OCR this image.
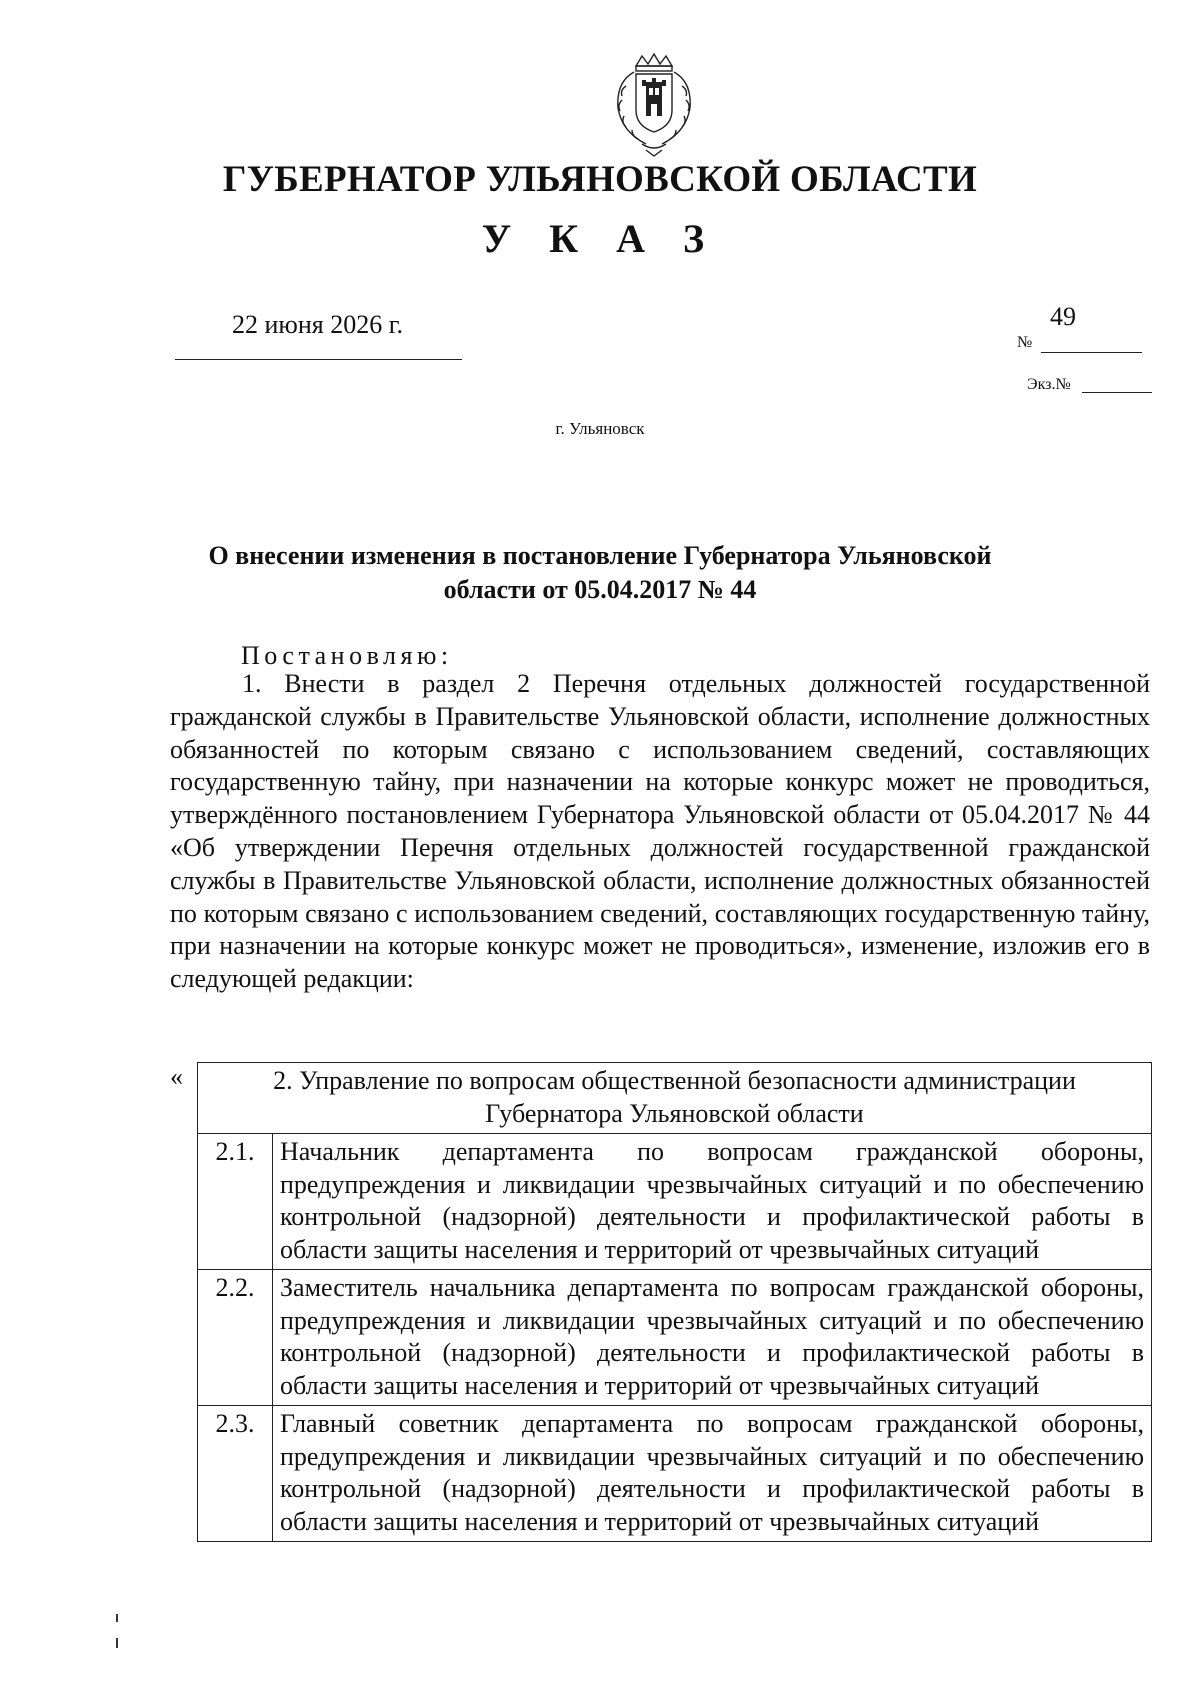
ГУБЕРНАТОР УЛЬЯНОВСКОЙ ОБЛАСТИ
У К А З
22 июня 2026 г.	49
№
Экз.№
г. Ульяновск
О внесении изменения в постановление Губернатора Ульяновской области от 05.04.2017 № 44
Постановляю:

1. Внести в раздел 2 Перечня отдельных должностей государственной гражданской службы в Правительстве Ульяновской области, исполнение должностных обязанностей по которым связано с использованием сведений, составляющих государственную тайну, при назначении на которые конкурс может не проводиться, утверждённого постановлением Губернатора Ульяновской области от 05.04.2017 № 44 «Об утверждении Перечня отдельных должностей государственной гражданской службы в Правительстве Ульяновской области, исполнение должностных обязанностей по которым связано с использованием сведений, составляющих государственную тайну, при назначении на которые конкурс может не проводиться», изменение, изложив его в следующей редакции:

«	2. Управление по вопросам общественной безопасности администрации Губернатора Ульяновской области	
2.1.	Начальник департамента по вопросам гражданской обороны, предупреждения и ликвидации чрезвычайных ситуаций и по обеспечению контрольной (надзорной) деятельности и профилактической работы в области защиты населения и территорий от чрезвычайных ситуаций
2.2.	Заместитель начальника департамента по вопросам гражданской обороны, предупреждения и ликвидации чрезвычайных ситуаций и по обеспечению контрольной (надзорной) деятельности и профилактической работы в области защиты населения и территорий от чрезвычайных ситуаций
2.3.	Главный советник департамента по вопросам гражданской обороны, предупреждения и ликвидации чрезвычайных ситуаций и по обеспечению контрольной (надзорной) деятельности и профилактической работы в области защиты населения и территорий от чрезвычайных ситуаций
